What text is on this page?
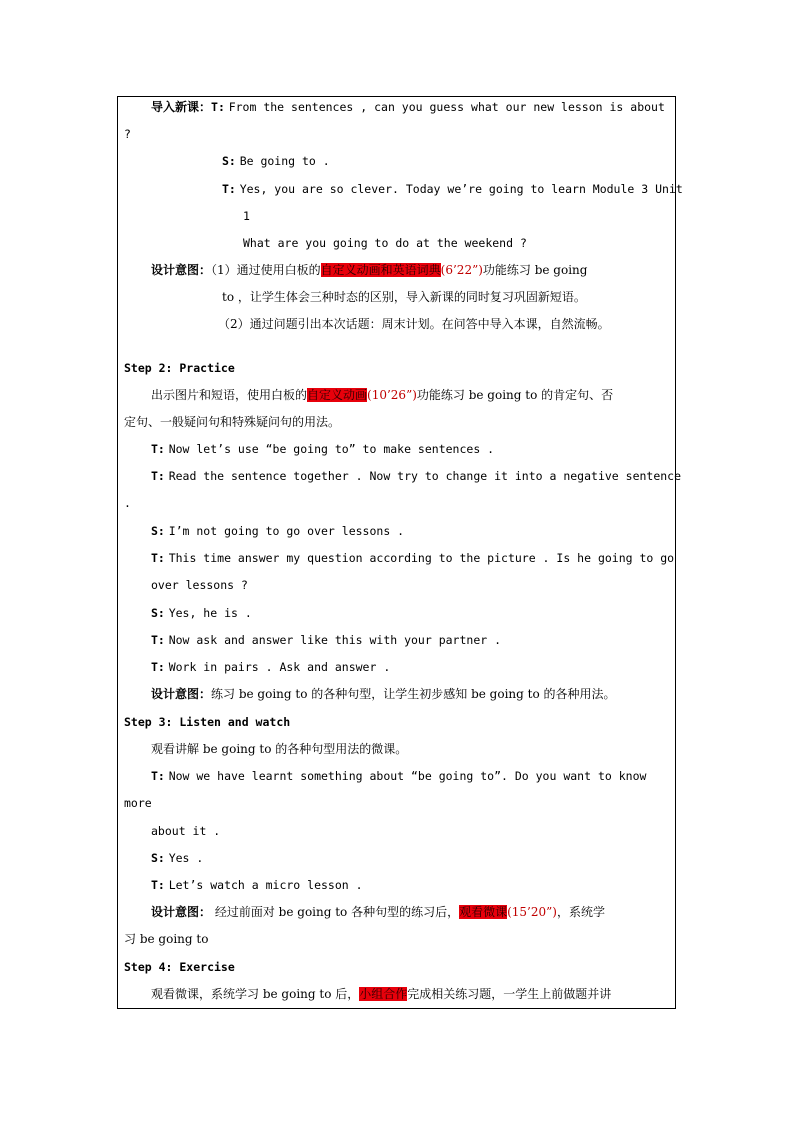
导入新课：T: From the sentences , can you guess what our new lesson is about
?
S: Be going to .
T: Yes, you are so clever. Today we’re going to learn Module 3 Unit
1
What are you going to do at the weekend ?
设计意图：（1）通过使用白板的自定义动画和英语词典(6’22”)功能练习 be going
to ，让学生体会三种时态的区别，导入新课的同时复习巩固新短语。
（2）通过问题引出本次话题：周末计划。在问答中导入本课，自然流畅。
Step 2: Practice
出示图片和短语，使用白板的自定义动画(10’26”)功能练习 be going to 的肯定句、否
定句、一般疑问句和特殊疑问句的用法。
T: Now let’s use “be going to” to make sentences .
T: Read the sentence together . Now try to change it into a negative sentence
.
S: I’m not going to go over lessons .
T: This time answer my question according to the picture . Is he going to go
over lessons ?
S: Yes, he is .
T: Now ask and answer like this with your partner .
T: Work in pairs . Ask and answer .
设计意图：练习 be going to 的各种句型，让学生初步感知 be going to 的各种用法。
Step 3: Listen and watch
观看讲解 be going to 的各种句型用法的微课。
T: Now we have learnt something about “be going to”. Do you want to know
more
about it .
S: Yes .
T: Let’s watch a micro lesson .
设计意图： 经过前面对 be going to 各种句型的练习后，观看微课(15’20”)，系统学
习 be going to
Step 4: Exercise
观看微课，系统学习 be going to 后，小组合作完成相关练习题，一学生上前做题并讲
